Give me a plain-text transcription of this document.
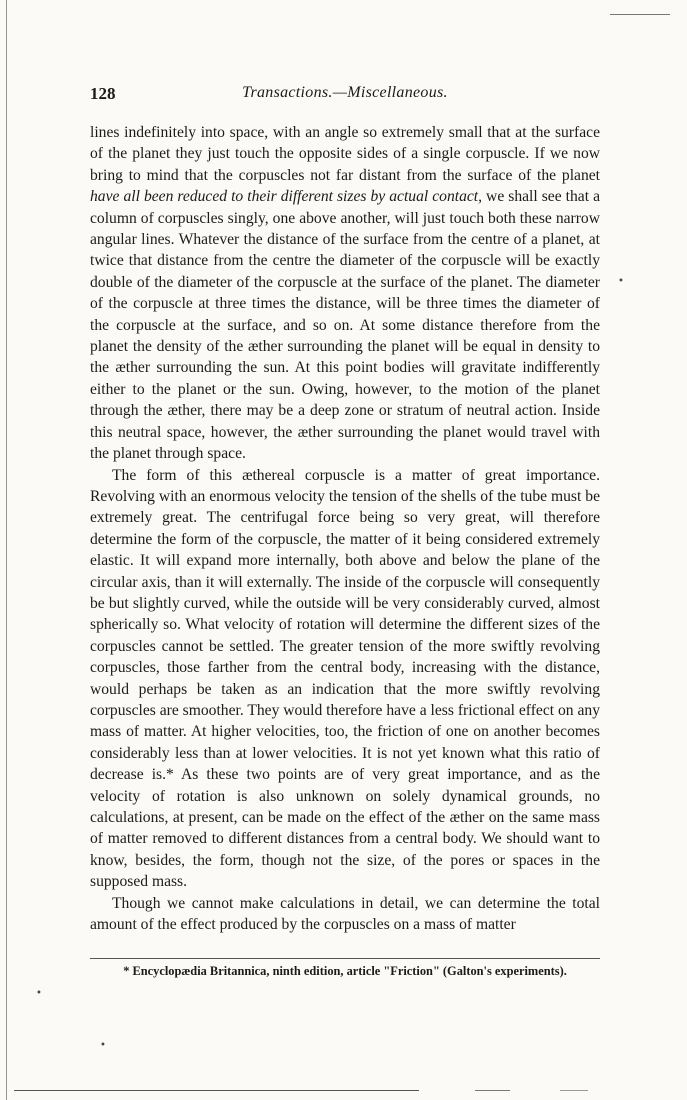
128	Transactions.—Miscellaneous.

lines indefinitely into space, with an angle so extremely small that at the surface of the planet they just touch the opposite sides of a single corpuscle. If we now bring to mind that the corpuscles not far distant from the surface of the planet have all been reduced to their different sizes by actual contact, we shall see that a column of corpuscles singly, one above another, will just touch both these narrow angular lines. Whatever the distance of the surface from the centre of a planet, at twice that distance from the centre the diameter of the corpuscle will be exactly double of the diameter of the corpuscle at the surface of the planet. The diameter of the corpuscle at three times the distance, will be three times the diameter of the corpuscle at the surface, and so on. At some distance therefore from the planet the density of the æther surrounding the planet will be equal in density to the æther surrounding the sun. At this point bodies will gravitate indifferently either to the planet or the sun. Owing, however, to the motion of the planet through the æther, there may be a deep zone or stratum of neutral action. Inside this neutral space, however, the æther surrounding the planet would travel with the planet through space.

The form of this æthereal corpuscle is a matter of great importance. Revolving with an enormous velocity the tension of the shells of the tube must be extremely great. The centrifugal force being so very great, will therefore determine the form of the corpuscle, the matter of it being considered extremely elastic. It will expand more internally, both above and below the plane of the circular axis, than it will externally. The inside of the corpuscle will consequently be but slightly curved, while the outside will be very considerably curved, almost spherically so. What velocity of rotation will determine the different sizes of the corpuscles cannot be settled. The greater tension of the more swiftly revolving corpuscles, those farther from the central body, increasing with the distance, would perhaps be taken as an indication that the more swiftly revolving corpuscles are smoother. They would therefore have a less frictional effect on any mass of matter. At higher velocities, too, the friction of one on another becomes considerably less than at lower velocities. It is not yet known what this ratio of decrease is.* As these two points are of very great importance, and as the velocity of rotation is also unknown on solely dynamical grounds, no calculations, at present, can be made on the effect of the æther on the same mass of matter removed to different distances from a central body. We should want to know, besides, the form, though not the size, of the pores or spaces in the supposed mass.

Though we cannot make calculations in detail, we can determine the total amount of the effect produced by the corpuscles on a mass of matter

* Encyclopædia Britannica, ninth edition, article "Friction" (Galton's experiments).
•
•
•
